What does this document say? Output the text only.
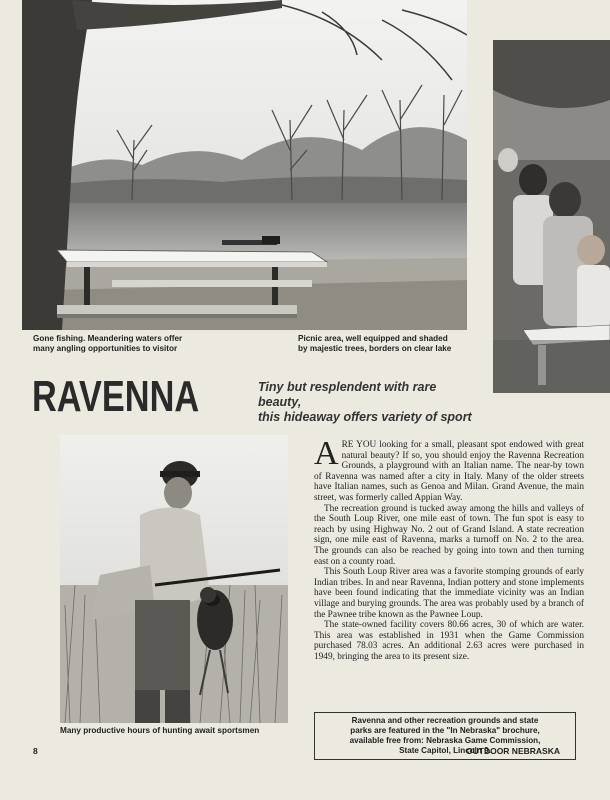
Gone fishing. Meandering waters offer
many angling opportunities to visitor
Picnic area, well equipped and shaded
by majestic trees, borders on clear lake
RAVENNA	Tiny but resplendent with rare beauty,
this hideaway offers variety of sport
Many productive hours of hunting await sportsmen

ARE YOU looking for a small, pleasant spot endowed with great natural beauty? If so, you should enjoy the Ravenna Recreation Grounds, a playground with an Italian name. The near-by town of Ravenna was named after a city in Italy. Many of the older streets have Italian names, such as Genoa and Milan. Grand Avenue, the main street, was formerly called Appian Way.

The recreation ground is tucked away among the hills and valleys of the South Loup River, one mile east of town. The fun spot is easy to reach by using Highway No. 2 out of Grand Island. A state recreation sign, one mile east of Ravenna, marks a turnoff on No. 2 to the area. The grounds can also be reached by going into town and then turning east on a county road.

This South Loup River area was a favorite stomping grounds of early Indian tribes. In and near Ravenna, Indian pottery and stone implements have been found indicating that the immediate vicinity was an Indian village and burying grounds. The area was probably used by a branch of the Pawnee tribe known as the Pawnee Loup.

The state-owned facility covers 80.66 acres, 30 of which are water. This area was established in 1931 when the Game Commission purchased 78.03 acres. An additional 2.63 acres were purchased in 1949, bringing the area to its present size.

Ravenna and other recreation grounds and state
parks are featured in the "In Nebraska" brochure,
available free from: Nebraska Game Commission,
State Capitol, Lincoln 9.
8	OUTDOOR NEBRASKA
